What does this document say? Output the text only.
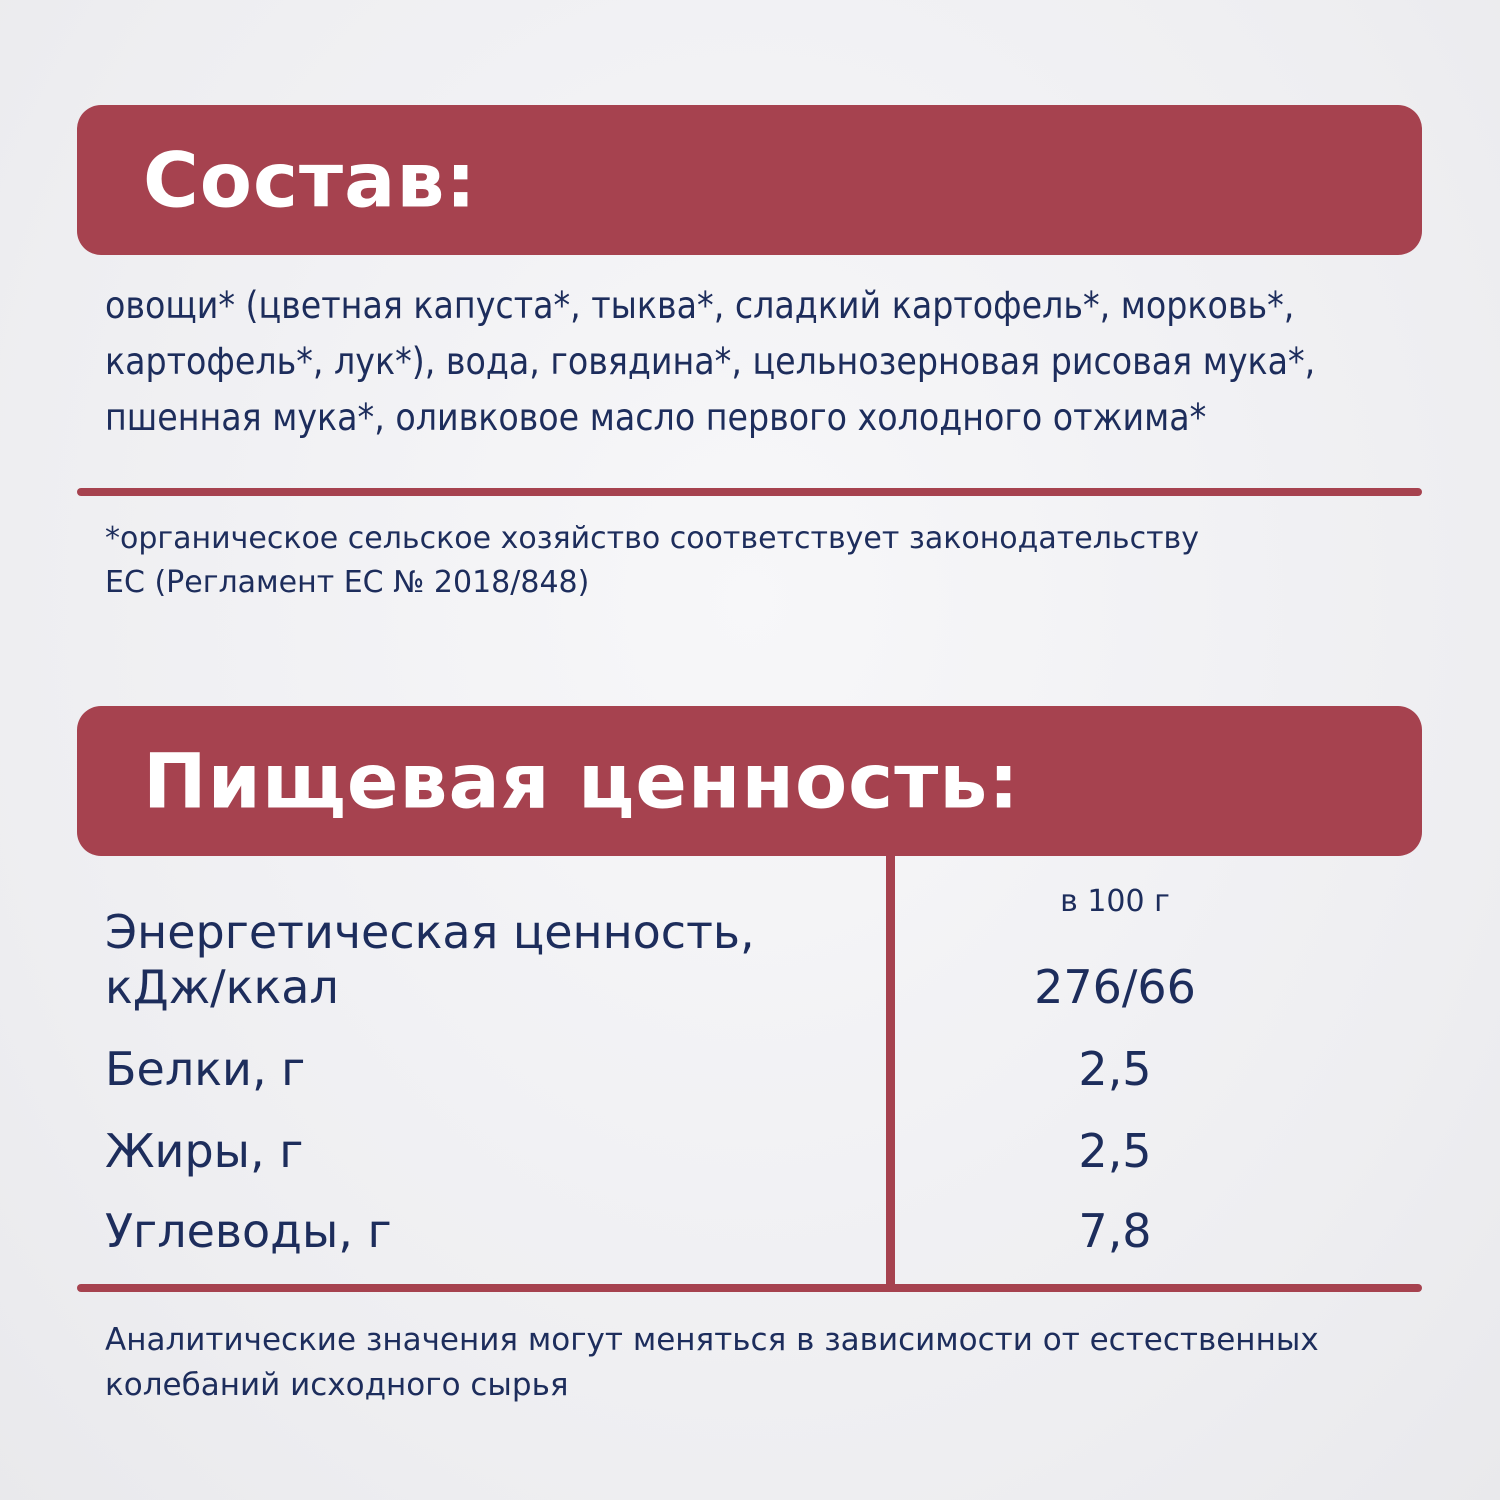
Состав:
овощи* (цветная капуста*, тыква*, сладкий картофель*, морковь*,
картофель*, лук*), вода, говядина*, цельнозерновая рисовая мука*,
пшенная мука*, оливковое масло первого холодного отжима*
*органическое сельское хозяйство соответствует законодательству
ЕС (Регламент ЕС № 2018/848)
Пищевая ценность:
в 100 г
Энергетическая ценность,
кДж/ккал	276/66
Белки, г	2,5
Жиры, г	2,5
Углеводы, г	7,8
Аналитические значения могут меняться в зависимости от естественных
колебаний исходного сырья
